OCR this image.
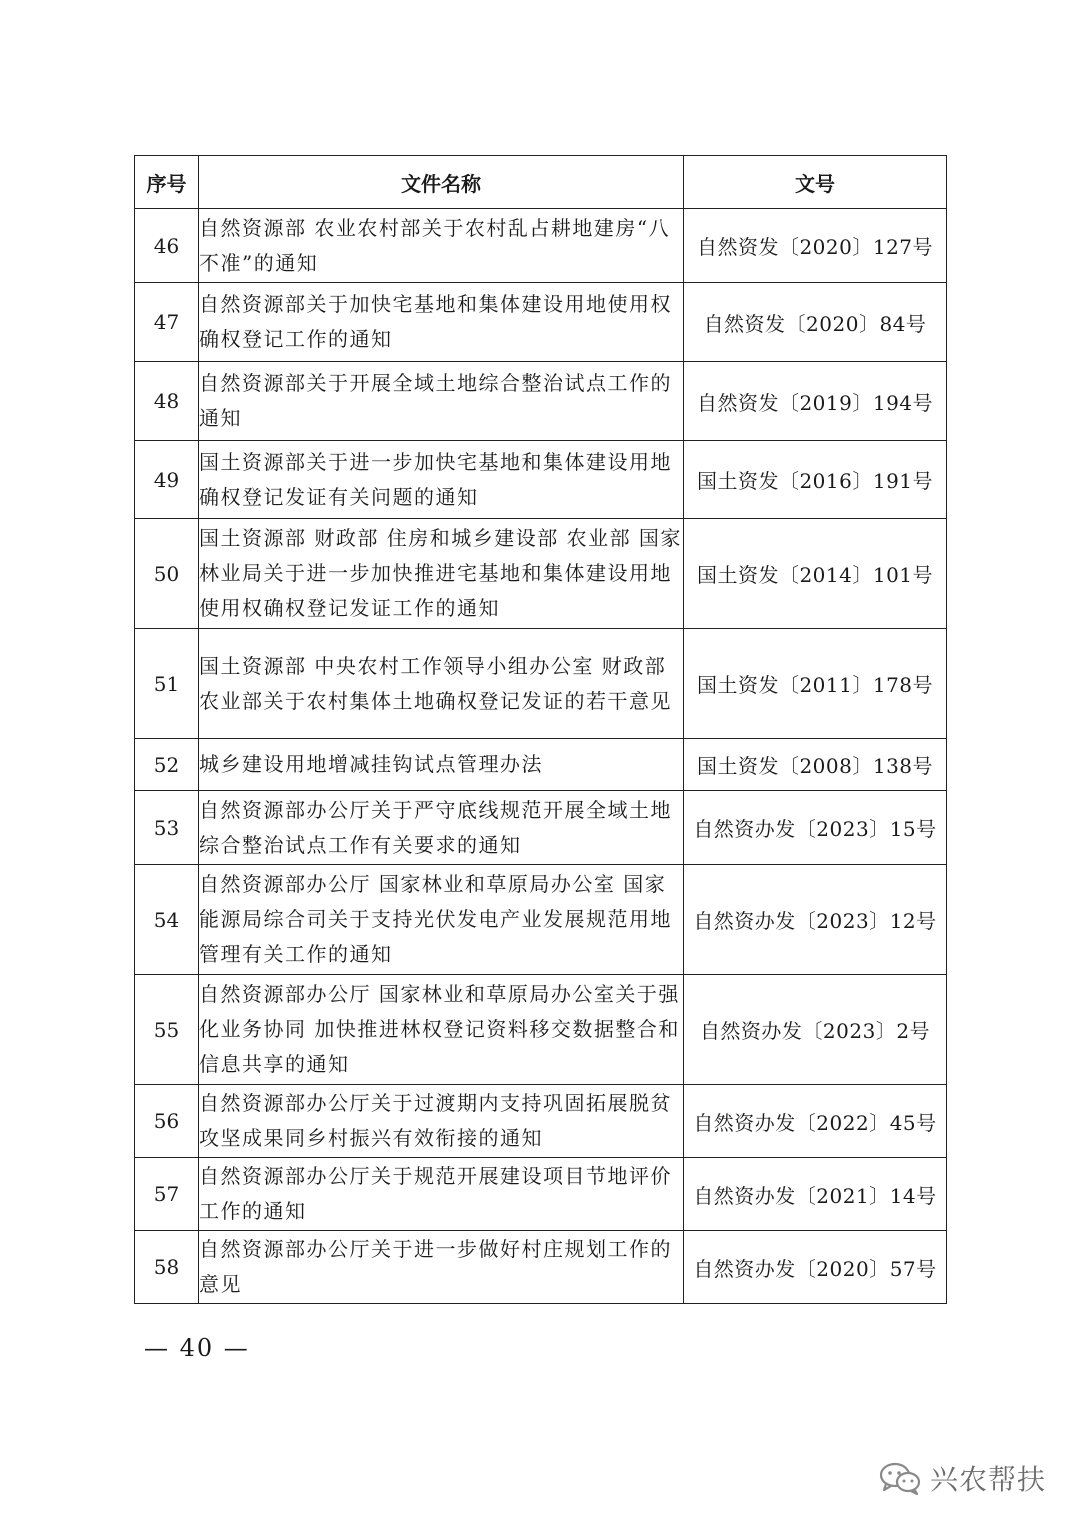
序号	文件名称	文号
46	自然资源部 农业农村部关于农村乱占耕地建房“八不准”的通知	自然资发〔2020〕127号
47	自然资源部关于加快宅基地和集体建设用地使用权确权登记工作的通知	自然资发〔2020〕84号
48	自然资源部关于开展全域土地综合整治试点工作的通知	自然资发〔2019〕194号
49	国土资源部关于进一步加快宅基地和集体建设用地确权登记发证有关问题的通知	国土资发〔2016〕191号
50	国土资源部 财政部 住房和城乡建设部 农业部 国家林业局关于进一步加快推进宅基地和集体建设用地使用权确权登记发证工作的通知	国土资发〔2014〕101号
51	国土资源部 中央农村工作领导小组办公室 财政部 农业部关于农村集体土地确权登记发证的若干意见	国土资发〔2011〕178号
52	城乡建设用地增减挂钩试点管理办法	国土资发〔2008〕138号
53	自然资源部办公厅关于严守底线规范开展全域土地综合整治试点工作有关要求的通知	自然资办发〔2023〕15号
54	自然资源部办公厅 国家林业和草原局办公室 国家能源局综合司关于支持光伏发电产业发展规范用地管理有关工作的通知	自然资办发〔2023〕12号
55	自然资源部办公厅 国家林业和草原局办公室关于强化业务协同 加快推进林权登记资料移交数据整合和信息共享的通知	自然资办发〔2023〕2号
56	自然资源部办公厅关于过渡期内支持巩固拓展脱贫攻坚成果同乡村振兴有效衔接的通知	自然资办发〔2022〕45号
57	自然资源部办公厅关于规范开展建设项目节地评价工作的通知	自然资办发〔2021〕14号
58	自然资源部办公厅关于进一步做好村庄规划工作的意见	自然资办发〔2020〕57号
— 40 —
兴农帮扶
